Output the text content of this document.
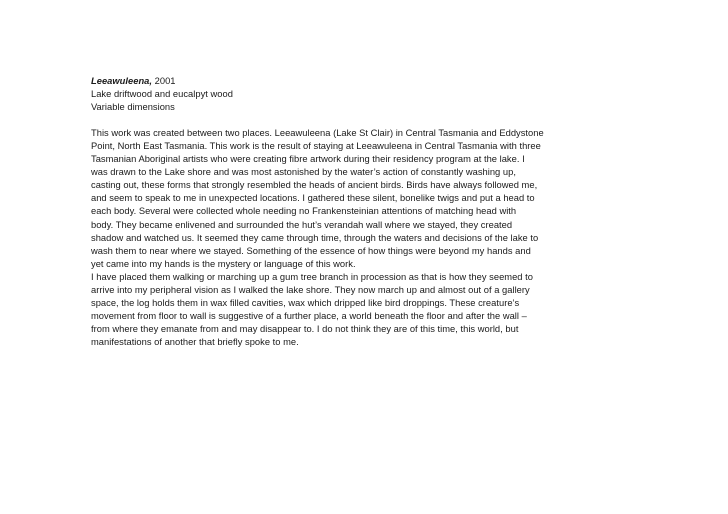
Leeawuleena, 2001
Lake driftwood and eucalpyt wood
Variable dimensions
This work was created between two places. Leeawuleena (Lake St Clair) in Central Tasmania and Eddystone
Point, North East Tasmania. This work is the result of staying at Leeawuleena in Central Tasmania with three
Tasmanian Aboriginal artists who were creating fibre artwork during their residency program at the lake. I
was drawn to the Lake shore and was most astonished by the water’s action of constantly washing up,
casting out, these forms that strongly resembled the heads of ancient birds. Birds have always followed me,
and seem to speak to me in unexpected locations. I gathered these silent, bonelike twigs and put a head to
each body. Several were collected whole needing no Frankensteinian attentions of matching head with
body. They became enlivened and surrounded the hut’s verandah wall where we stayed, they created
shadow and watched us. It seemed they came through time, through the waters and decisions of the lake to
wash them to near where we stayed. Something of the essence of how things were beyond my hands and
yet came into my hands is the mystery or language of this work.
I have placed them walking or marching up a gum tree branch in procession as that is how they seemed to
arrive into my peripheral vision as I walked the lake shore. They now march up and almost out of a gallery
space, the log holds them in wax filled cavities, wax which dripped like bird droppings. These creature’s
movement from floor to wall is suggestive of a further place, a world beneath the floor and after the wall –
from where they emanate from and may disappear to. I do not think they are of this time, this world, but
manifestations of another that briefly spoke to me.
